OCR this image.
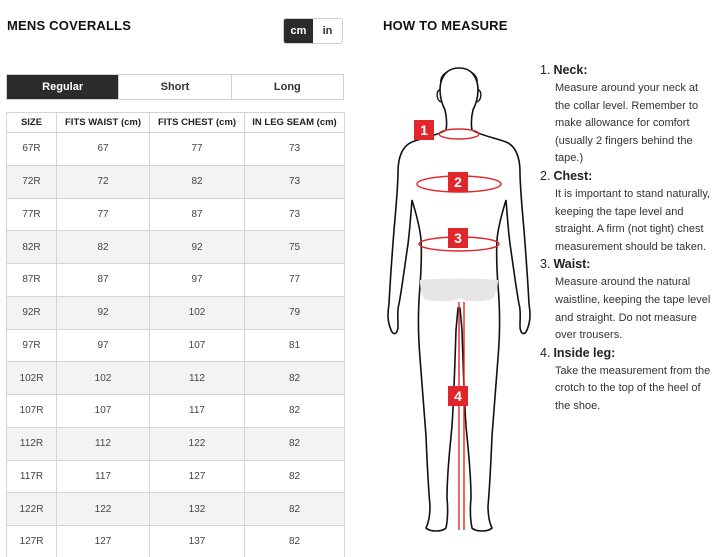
MENS COVERALLS	cm	in
Regular	Short	Long
SIZE	FITS WAIST (cm)	FITS CHEST (cm)	IN LEG SEAM (cm)
67R	67	77	73
72R	72	82	73
77R	77	87	73
82R	82	92	75
87R	87	97	77
92R	92	102	79
97R	97	107	81
102R	102	112	82
107R	107	117	82
112R	112	122	82
117R	117	127	82
122R	122	132	82
127R	127	137	82
HOW TO MEASURE
1
2
3
4
1. Neck:
Measure around your neck at the collar level. Remember to make allowance for comfort (usually 2 fingers behind the tape.)
2. Chest:
It is important to stand naturally, keeping the tape level and straight. A firm (not tight) chest measurement should be taken.
3. Waist:
Measure around the natural waistline, keeping the tape level and straight. Do not measure over trousers.
4. Inside leg:
Take the measurement from the crotch to the top of the heel of the shoe.
